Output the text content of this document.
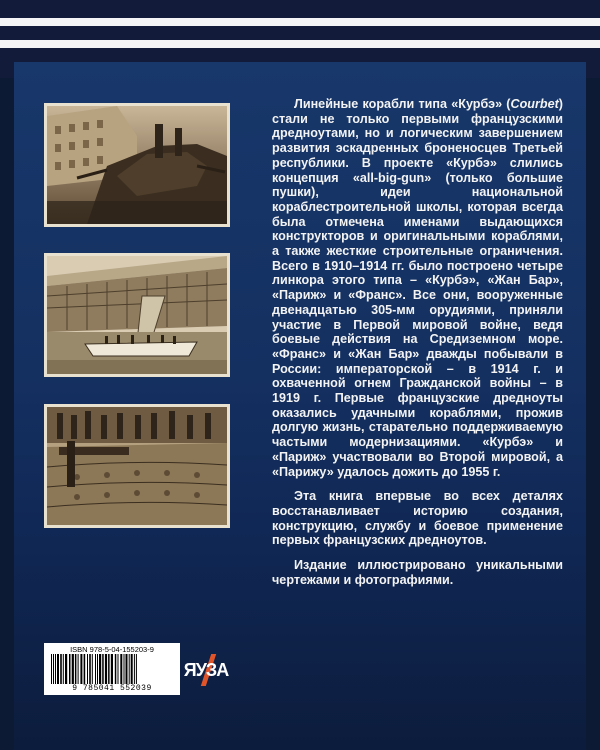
Линейные корабли типа «Курбэ» (Courbet) стали не только первыми французскими дредноутами, но и логическим завершением развития эскадренных броненосцев Третьей республики. В проекте «Курбэ» слились концепция «all-big-gun» (только большие пушки), идеи национальной кораблестроительной школы, которая всегда была отмечена именами выдающихся конструкторов и оригинальными кораблями, а также жесткие строительные ограничения. Всего в 1910–1914 гг. было построено четыре линкора этого типа – «Курбэ», «Жан Бар», «Париж» и «Франс». Все они, вооруженные двенадцатью 305-мм орудиями, приняли участие в Первой мировой войне, ведя боевые действия на Средиземном море. «Франс» и «Жан Бар» дважды побывали в России: императорской – в 1914 г. и охваченной огнем Гражданской войны – в 1919 г. Первые французские дредноуты оказались удачными кораблями, прожив долгую жизнь, старательно поддерживаемую частыми модернизациями. «Курбэ» и «Париж» участвовали во Второй мировой, а «Парижу» удалось дожить до 1955 г.

Эта книга впервые во всех деталях восстанавливает историю создания, конструкцию, службу и боевое применение первых французских дредноутов.

Издание иллюстрировано уникальными чертежами и фотографиями.

ISBN 978-5-04-155203-9
9 785041 552039
ЯУЗА
